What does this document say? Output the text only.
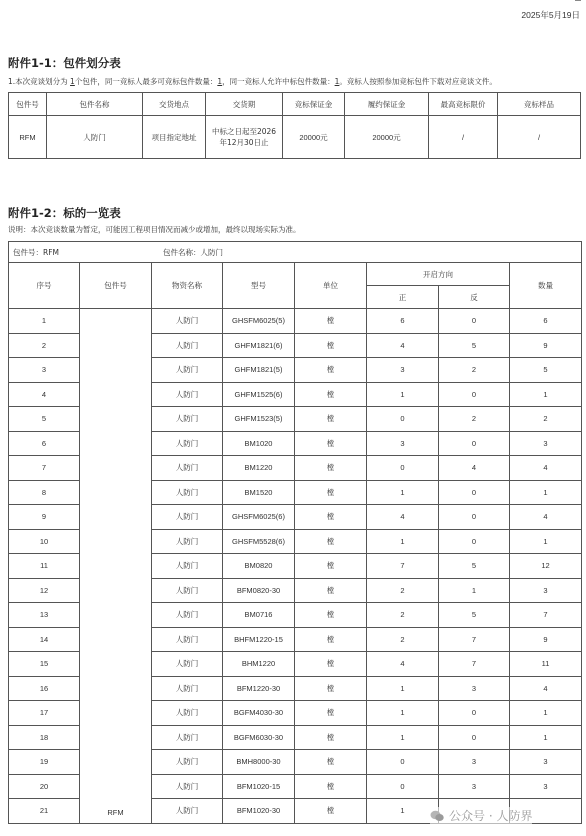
2025年5月19日
附件1-1：包件划分表
1.本次竞谈划分为 1个包件，同一竞标人最多可竞标包件数量：1，同一竞标人允许中标包件数量：1。竞标人按照参加竞标包件下载对应竞谈文件。
包件号	包件名称	交货地点	交货期	竞标保证金	履约保证金	最高竞标限价	竞标样品
RFM	人防门	项目指定地址	中标之日起至2026年12月30日止	20000元	20000元	/	/
附件1-2：标的一览表
说明：本次竞谈数量为暂定，可能因工程项目情况而减少或增加，最终以现场实际为准。
包件号：RFM 包件名称：人防门							
序号	包件号	物资名称	型号	单位	开启方向		数量
					正	反	
1	RFM	人防门	GHSFM6025(5)	樘	6	0	6
2		人防门	GHFM1821(6)	樘	4	5	9
3		人防门	GHFM1821(5)	樘	3	2	5
4		人防门	GHFM1525(6)	樘	1	0	1
5		人防门	GHFM1523(5)	樘	0	2	2
6		人防门	BM1020	樘	3	0	3
7		人防门	BM1220	樘	0	4	4
8		人防门	BM1520	樘	1	0	1
9		人防门	GHSFM6025(6)	樘	4	0	4
10		人防门	GHSFM5528(6)	樘	1	0	1
11		人防门	BM0820	樘	7	5	12
12		人防门	BFM0820-30	樘	2	1	3
13		人防门	BM0716	樘	2	5	7
14		人防门	BHFM1220-15	樘	2	7	9
15		人防门	BHM1220	樘	4	7	11
16		人防门	BFM1220-30	樘	1	3	4
17		人防门	BGFM4030-30	樘	1	0	1
18		人防门	BGFM6030-30	樘	1	0	1
19		人防门	BMH8000-30	樘	0	3	3
20		人防门	BFM1020-15	樘	0	3	3
21		人防门	BFM1020-30	樘	1			公众号 · 人防界
